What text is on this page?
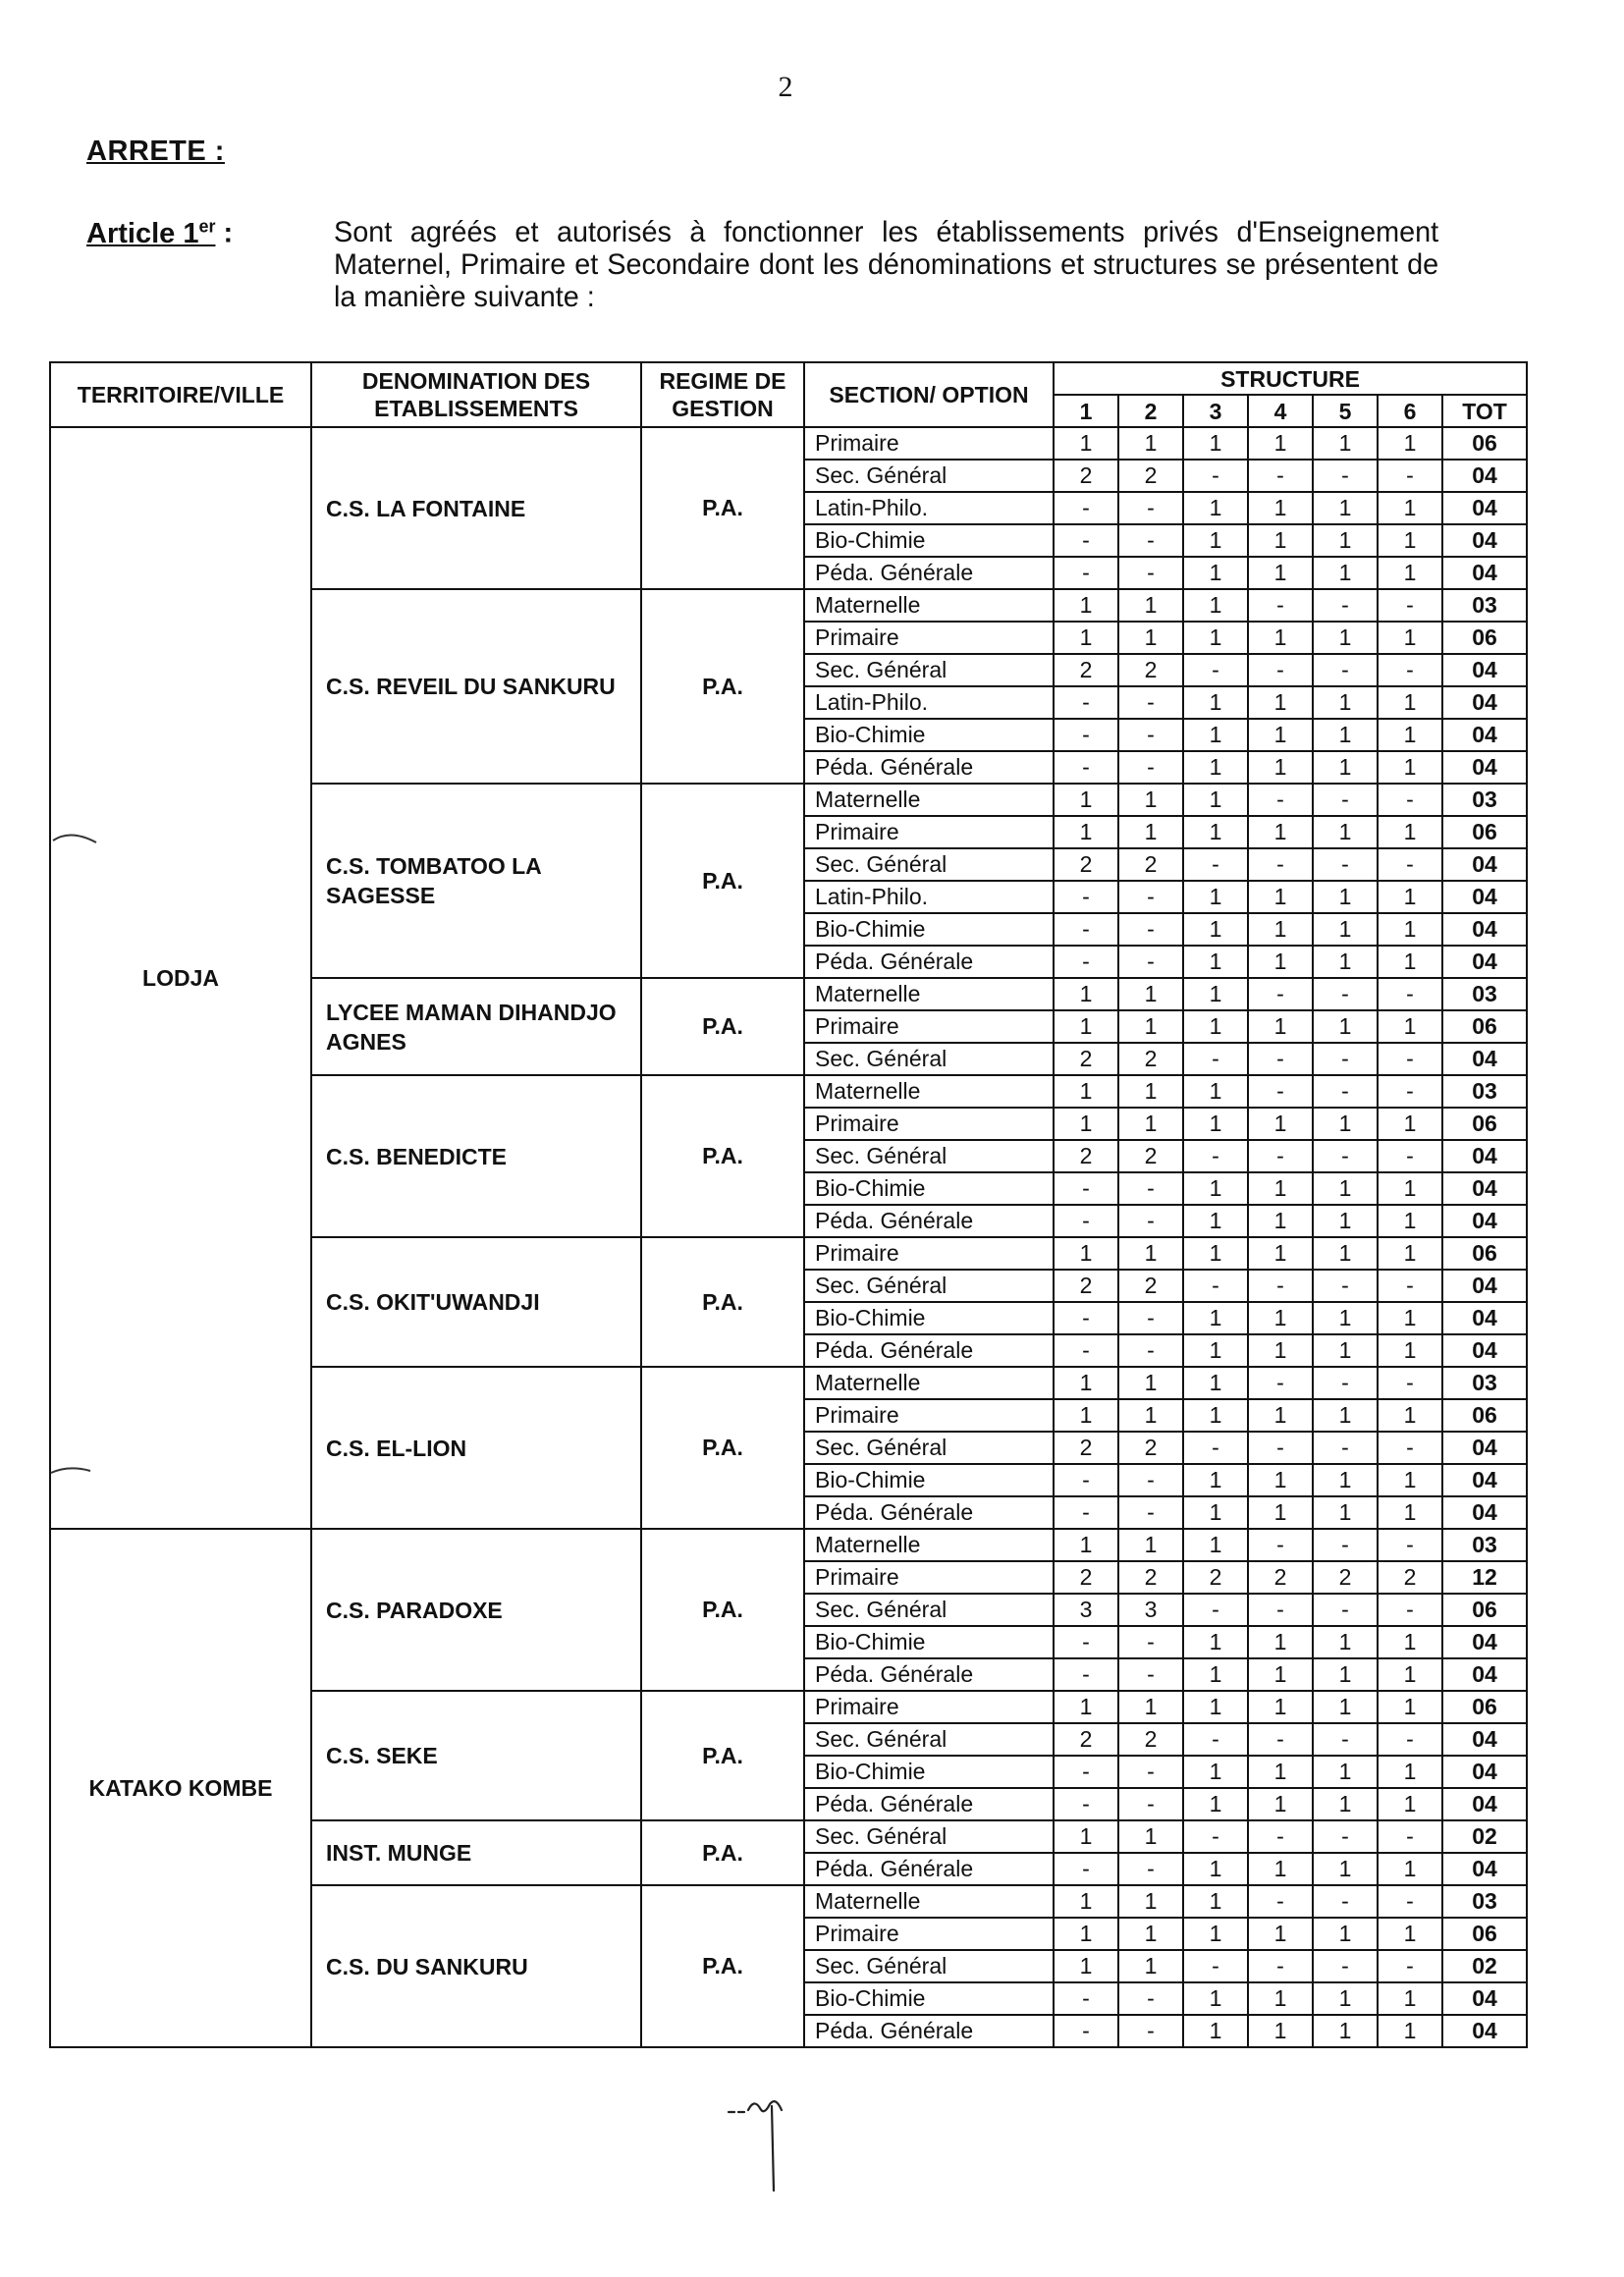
2
ARRETE :
Article 1er :	Sont agréés et autorisés à fonctionner les établissements privés d'Enseignement Maternel, Primaire et Secondaire dont les dénominations et structures se présentent de la manière suivante :
TERRITOIRE/VILLE	DENOMINATION DES ETABLISSEMENTS	REGIME DE GESTION	SECTION/ OPTION	STRUCTURE						
				1	2	3	4	5	6	TOT
LODJA	C.S. LA FONTAINE	P.A.	Primaire	1	1	1	1	1	1	06
			Sec. Général	2	2	-	-	-	-	04
			Latin-Philo.	-	-	1	1	1	1	04
			Bio-Chimie	-	-	1	1	1	1	04
			Péda. Générale	-	-	1	1	1	1	04
	C.S. REVEIL DU SANKURU	P.A.	Maternelle	1	1	1	-	-	-	03
			Primaire	1	1	1	1	1	1	06
			Sec. Général	2	2	-	-	-	-	04
			Latin-Philo.	-	-	1	1	1	1	04
			Bio-Chimie	-	-	1	1	1	1	04
			Péda. Générale	-	-	1	1	1	1	04
	C.S. TOMBATOO LA SAGESSE	P.A.	Maternelle	1	1	1	-	-	-	03
			Primaire	1	1	1	1	1	1	06
			Sec. Général	2	2	-	-	-	-	04
			Latin-Philo.	-	-	1	1	1	1	04
			Bio-Chimie	-	-	1	1	1	1	04
			Péda. Générale	-	-	1	1	1	1	04
	LYCEE MAMAN DIHANDJO AGNES	P.A.	Maternelle	1	1	1	-	-	-	03
			Primaire	1	1	1	1	1	1	06
			Sec. Général	2	2	-	-	-	-	04
	C.S. BENEDICTE	P.A.	Maternelle	1	1	1	-	-	-	03
			Primaire	1	1	1	1	1	1	06
			Sec. Général	2	2	-	-	-	-	04
			Bio-Chimie	-	-	1	1	1	1	04
			Péda. Générale	-	-	1	1	1	1	04
	C.S. OKIT'UWANDJI	P.A.	Primaire	1	1	1	1	1	1	06
			Sec. Général	2	2	-	-	-	-	04
			Bio-Chimie	-	-	1	1	1	1	04
			Péda. Générale	-	-	1	1	1	1	04
	C.S. EL-LION	P.A.	Maternelle	1	1	1	-	-	-	03
			Primaire	1	1	1	1	1	1	06
			Sec. Général	2	2	-	-	-	-	04
			Bio-Chimie	-	-	1	1	1	1	04
			Péda. Générale	-	-	1	1	1	1	04
KATAKO KOMBE	C.S. PARADOXE	P.A.	Maternelle	1	1	1	-	-	-	03
			Primaire	2	2	2	2	2	2	12
			Sec. Général	3	3	-	-	-	-	06
			Bio-Chimie	-	-	1	1	1	1	04
			Péda. Générale	-	-	1	1	1	1	04
	C.S. SEKE	P.A.	Primaire	1	1	1	1	1	1	06
			Sec. Général	2	2	-	-	-	-	04
			Bio-Chimie	-	-	1	1	1	1	04
			Péda. Générale	-	-	1	1	1	1	04
	INST. MUNGE	P.A.	Sec. Général	1	1	-	-	-	-	02
			Péda. Générale	-	-	1	1	1	1	04
	C.S. DU SANKURU	P.A.	Maternelle	1	1	1	-	-	-	03
			Primaire	1	1	1	1	1	1	06
			Sec. Général	1	1	-	-	-	-	02
			Bio-Chimie	-	-	1	1	1	1	04
			Péda. Générale	-	-	1	1	1	1	04
